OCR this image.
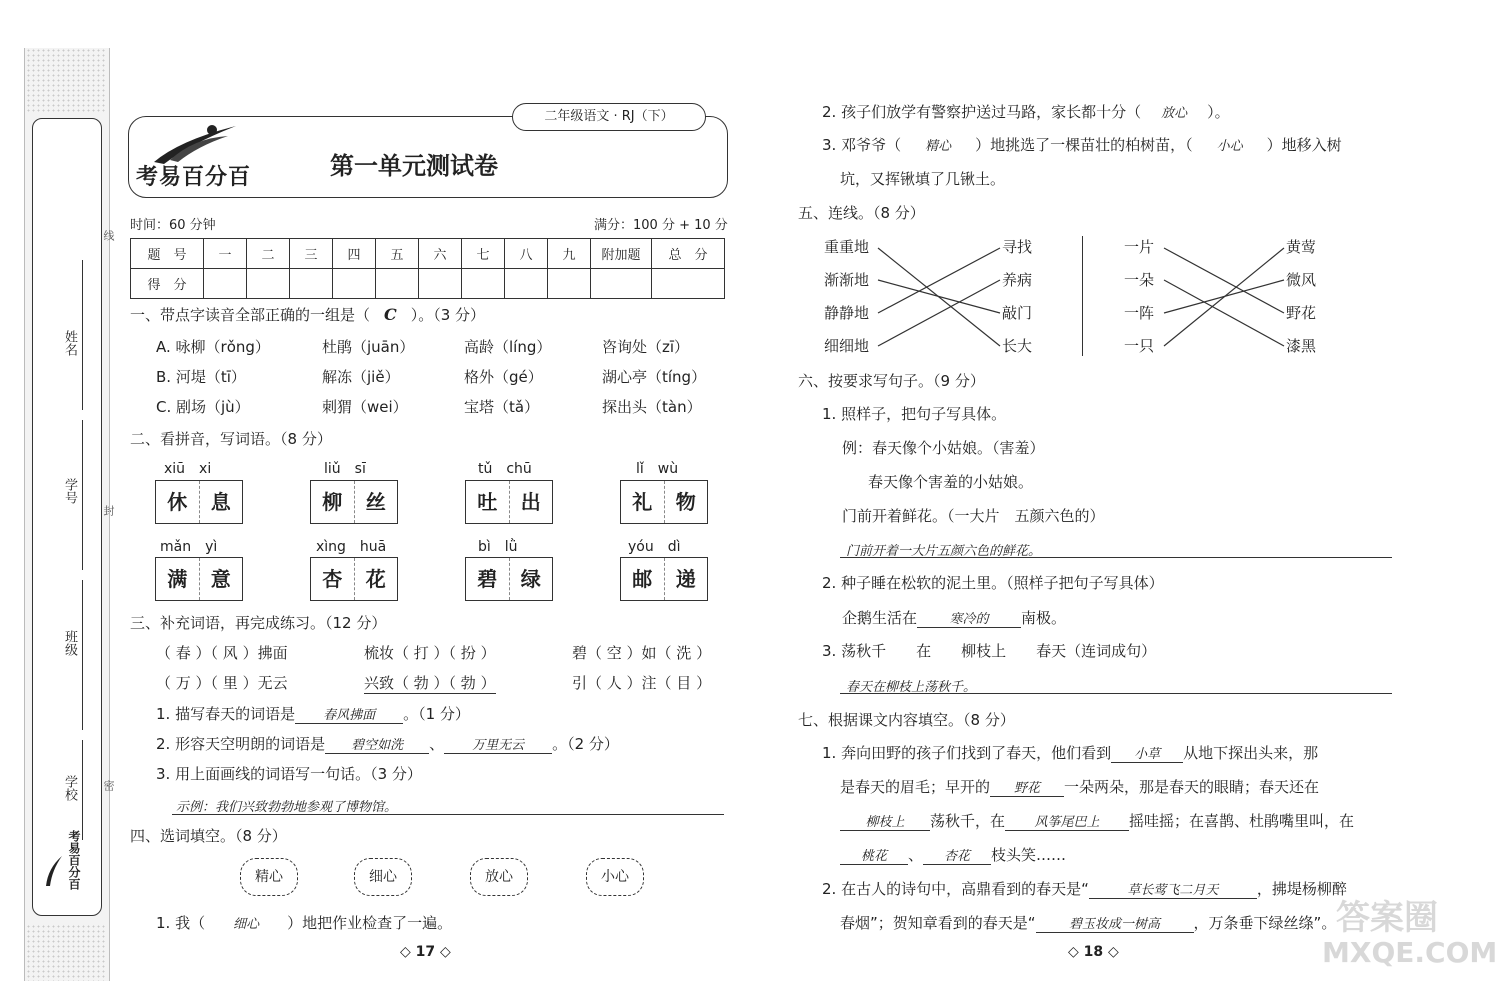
姓名
学号
班级
学校
线
封
密
考易百分百
二年级语文 · RJ（下）
考易百分百	第一单元测试卷
时间：60 分钟	满分：100 分 + 10 分
题　号	一	二	三	四	五	六	七	八	九	附加题	总　分
得　分											
一、带点字读音全部正确的一组是（ C ）。（3 分）
A. 咏柳（rǒng）	杜鹃（juān）	高龄（líng）	咨询处（zī）
B. 河堤（tī）	解冻（jiě）	格外（gé）	湖心亭（tíng）
C. 剧场（jù）	刺猬（wei）	宝塔（tǎ）	探出头（tàn）
二、看拼音，写词语。（8 分）
xiū　xi
休	息
liǔ　sī
柳	丝
tǔ　chū
吐	出
lǐ　wù
礼	物
mǎn　yì
满	意
xìng　huā
杏	花
bì　lǜ
碧	绿
yóu　dì
邮	递
三、补充词语，再完成练习。（12 分）
（ 春 ）（ 风 ）拂面	梳妆（ 打 ）（ 扮 ）	碧（ 空 ）如（ 洗 ）
（ 万 ）（ 里 ）无云	兴致（ 勃 ）（ 勃 ）	引（ 人 ）注（ 目 ）
1. 描写春天的词语是 春风拂面 。（1 分）
2. 形容天空明朗的词语是 碧空如洗 、 万里无云 。（2 分）
3. 用上面画线的词语写一句话。（3 分）
示例：我们兴致勃勃地参观了博物馆。
四、选词填空。（8 分）
精心	细心	放心	小心
1. 我（ 细心 ）地把作业检查了一遍。
◇ 17 ◇
2. 孩子们放学有警察护送过马路，家长都十分（ 放心 ）。
3. 邓爷爷（ 精心 ）地挑选了一棵苗壮的柏树苗，（ 小心 ）地移入树
坑，又挥锹填了几锹土。
五、连线。（8 分）
重重地
渐渐地
静静地
细细地
寻找
养病
敲门
长大
一片
一朵
一阵
一只
黄莺
微风
野花
漆黑
六、按要求写句子。（9 分）
1. 照样子，把句子写具体。
例：春天像个小姑娘。（害羞）
春天像个害羞的小姑娘。
门前开着鲜花。（一大片　五颜六色的）
门前开着一大片五颜六色的鲜花。
2. 种子睡在松软的泥土里。（照样子把句子写具体）
企鹅生活在 寒冷的 南极。
3. 荡秋千　　在　　柳枝上　　春天（连词成句）
春天在柳枝上荡秋千。
七、根据课文内容填空。（8 分）
1. 奔向田野的孩子们找到了春天，他们看到 小草 从地下探出头来，那
是春天的眉毛；早开的 野花 一朵两朵，那是春天的眼睛；春天还在
柳枝上 荡秋千，在 风筝尾巴上 摇哇摇；在喜鹊、杜鹃嘴里叫，在
桃花 、 杏花 枝头笑……
2. 在古人的诗句中，高鼎看到的春天是“	草长莺飞二月天	，拂堤杨柳醉
春烟”；贺知章看到的春天是“	碧玉妆成一树高 ，万条垂下绿丝绦”。
◇ 18 ◇
答案圈
MXQE.COM
